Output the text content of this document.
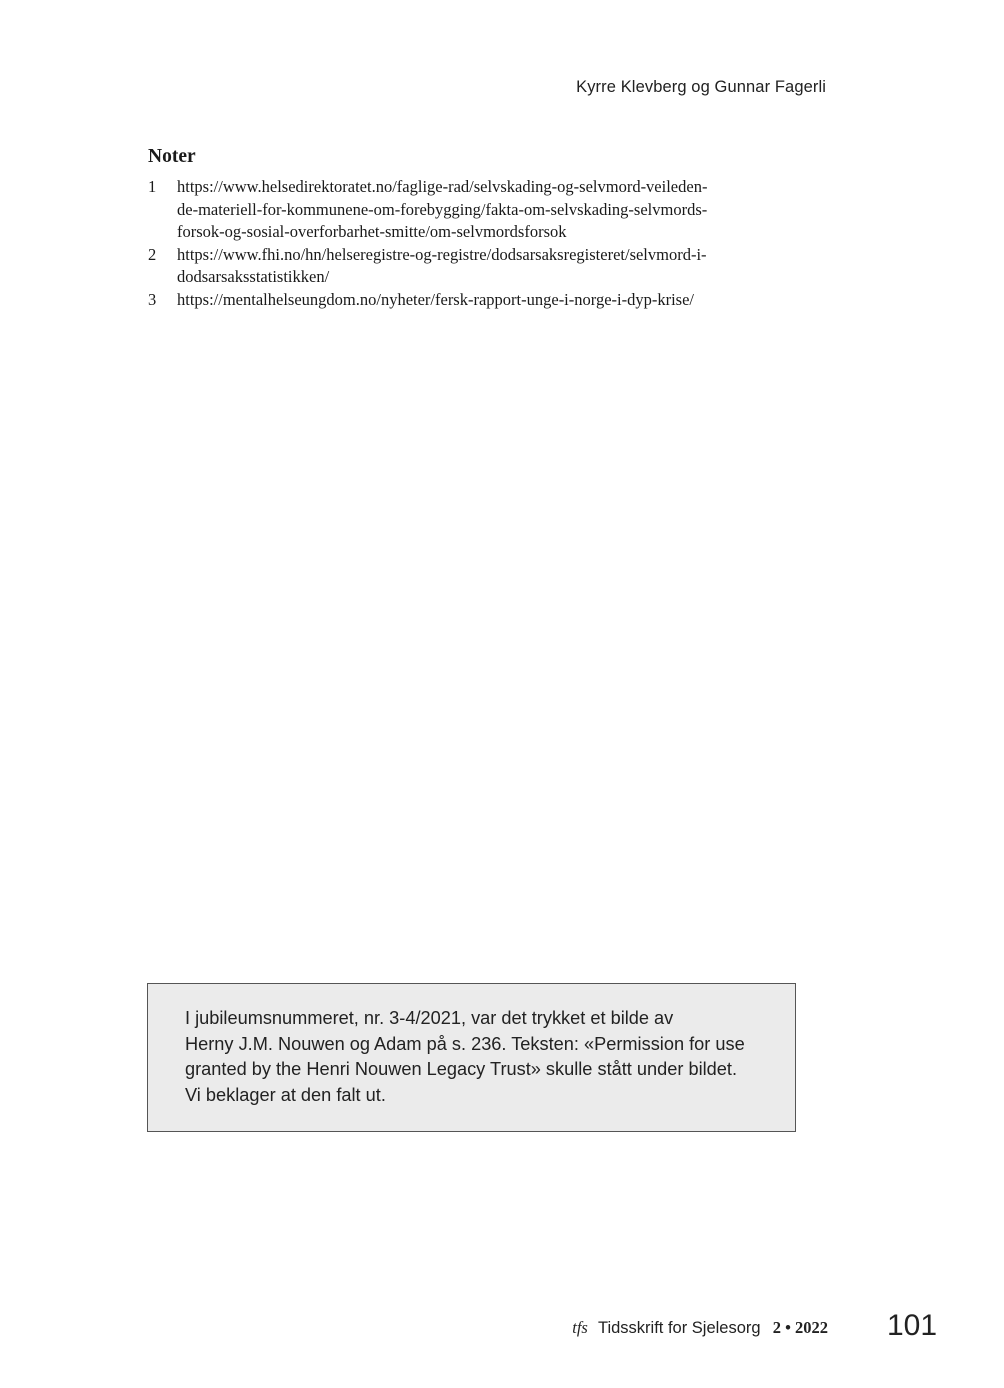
Kyrre Klevberg og Gunnar Fagerli
Noter
1	https://www.helsedirektoratet.no/faglige-rad/selvskading-og-selvmord-veileden-
de-materiell-for-kommunene-om-forebygging/fakta-om-selvskading-selvmords-
forsok-og-sosial-overforbarhet-smitte/om-selvmordsforsok
2	https://www.fhi.no/hn/helseregistre-og-registre/dodsarsaksregisteret/selvmord-i-
dodsarsaksstatistikken/
3	https://mentalhelseungdom.no/nyheter/fersk-rapport-unge-i-norge-i-dyp-krise/
I jubileumsnummeret, nr. 3-4/2021, var det trykket et bilde av
Herny J.M. Nouwen og Adam på s. 236. Teksten: «Permission for use
granted by the Henri Nouwen Legacy Trust» skulle stått under bildet.
Vi beklager at den falt ut.
tfs Tidsskrift for Sjelesorg 2 • 2022 101
